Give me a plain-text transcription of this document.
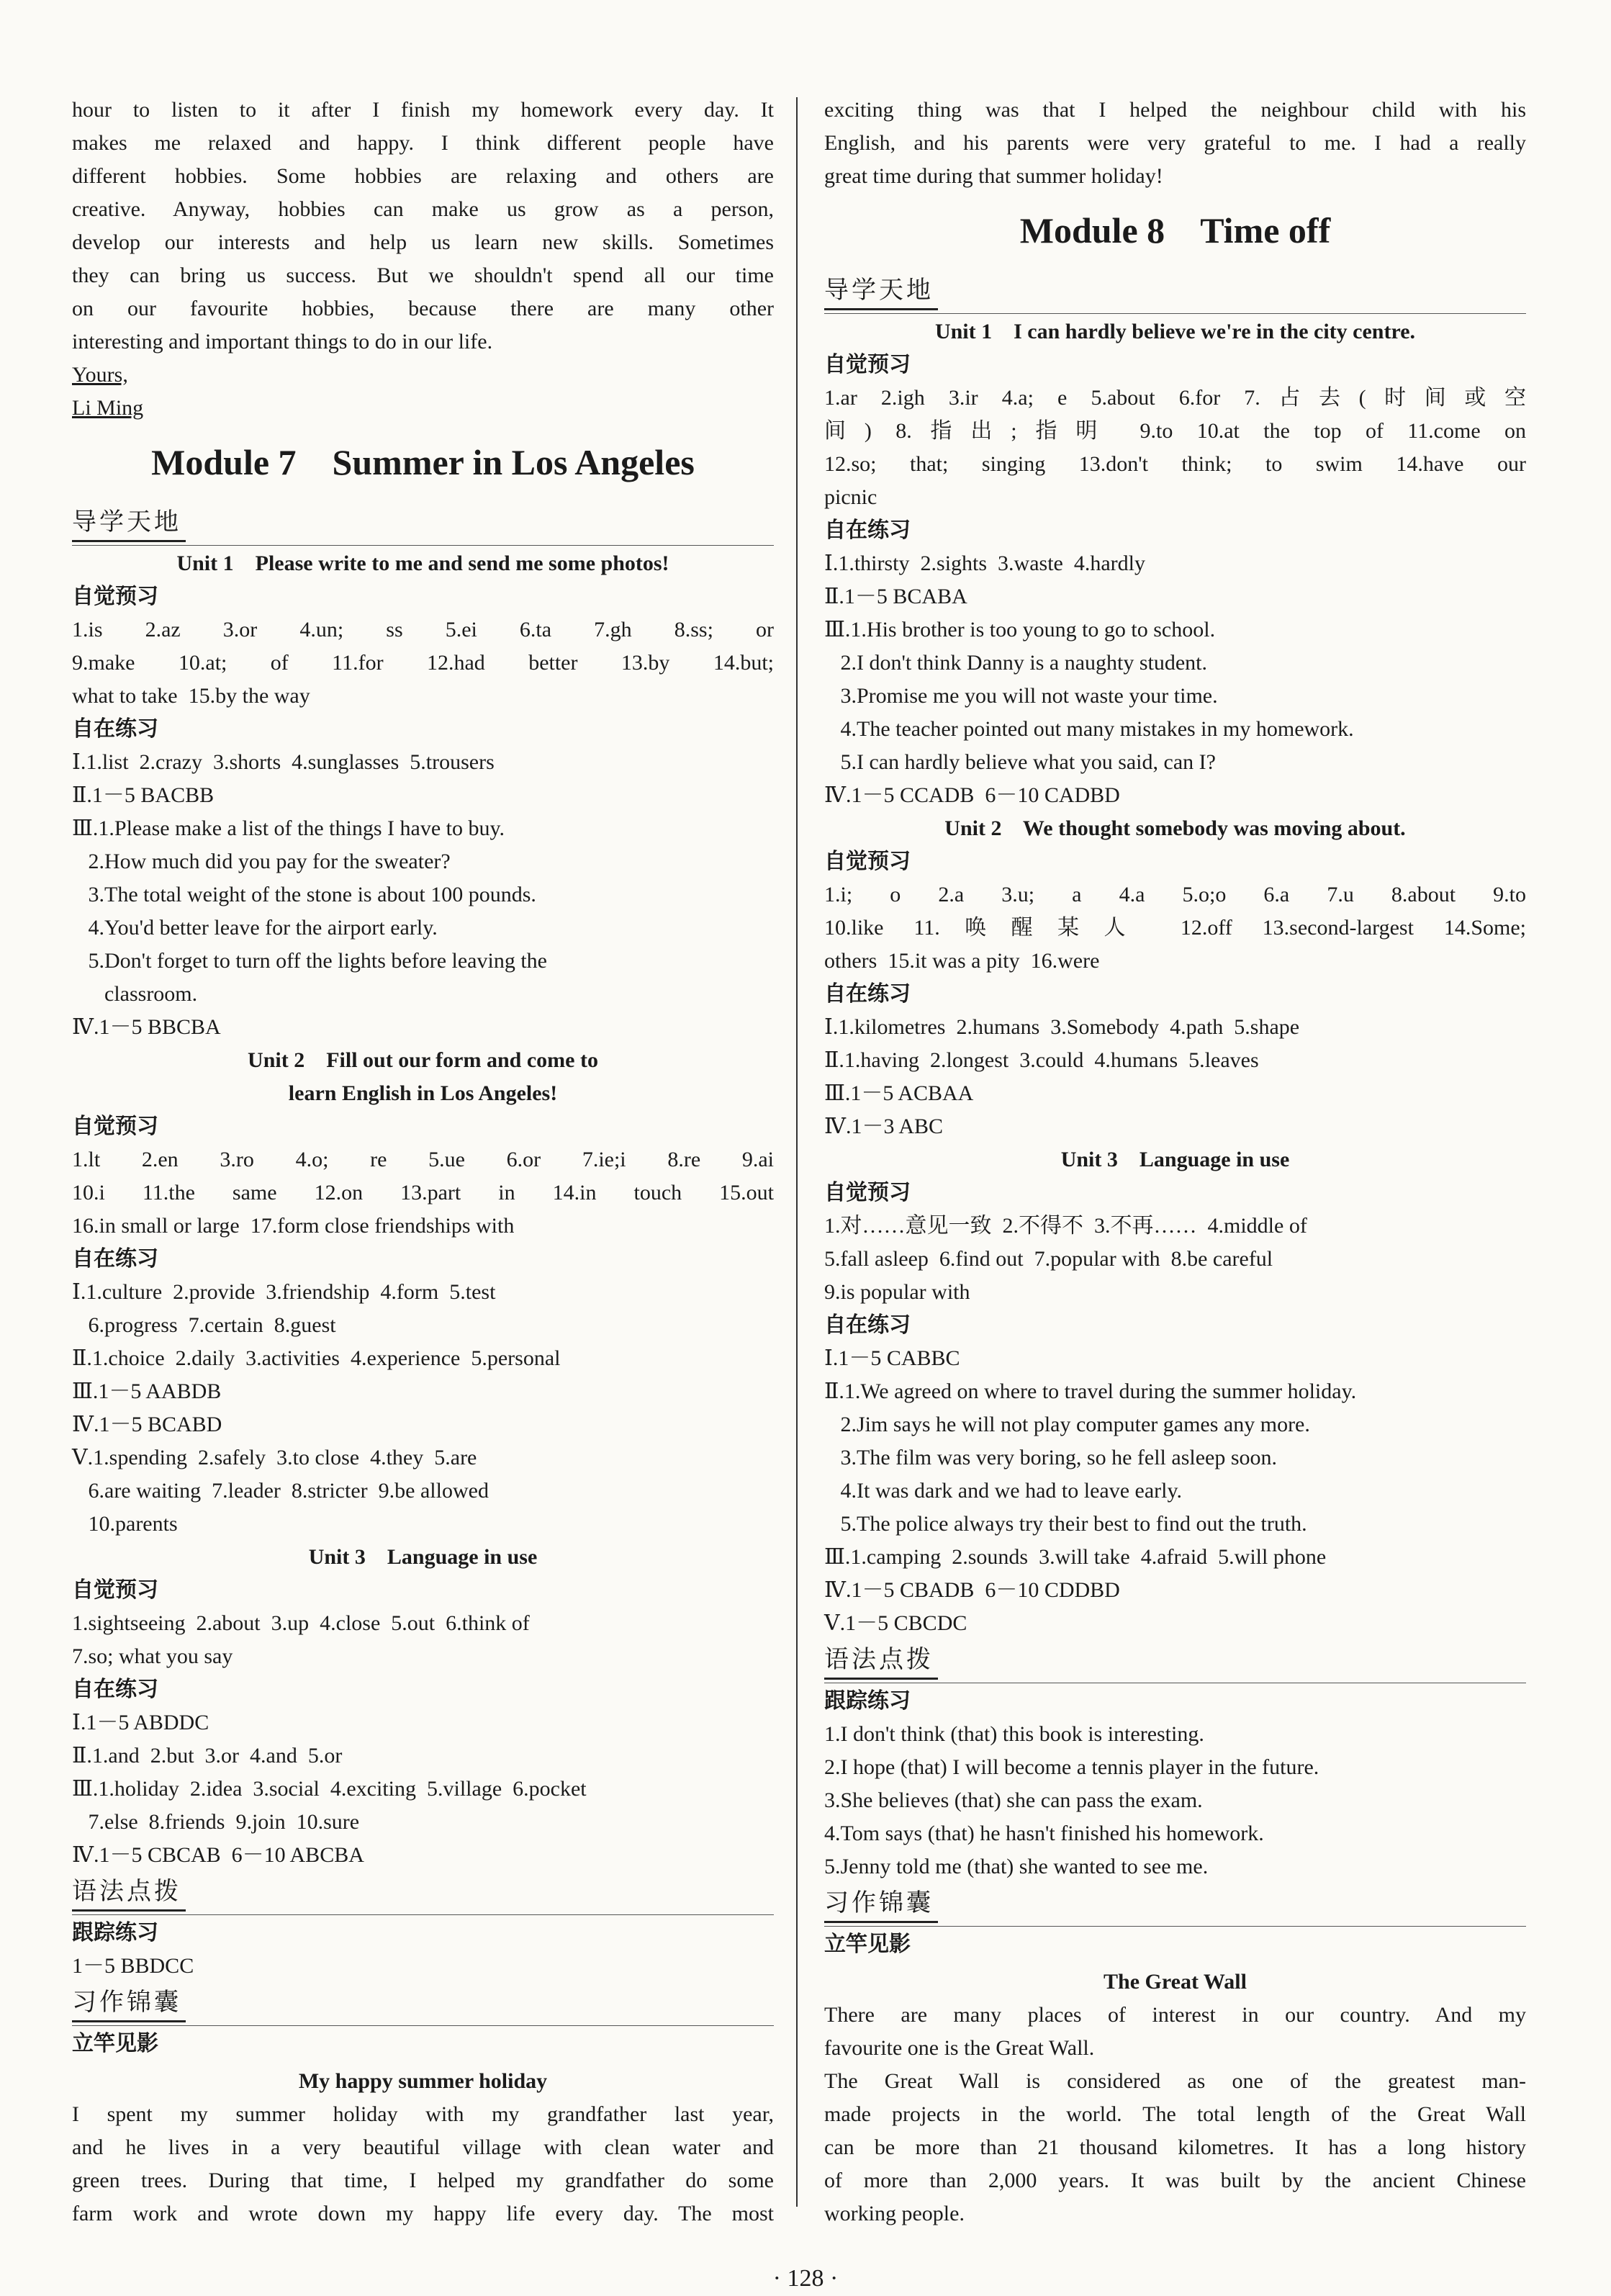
hour to listen to it after I finish my homework every day. It
makes me relaxed and happy. I think different people have
different hobbies. Some hobbies are relaxing and others are
creative. Anyway, hobbies can make us grow as a person,
develop our interests and help us learn new skills. Sometimes
they can bring us success. But we shouldn't spend all our time
on our favourite hobbies, because there are many other
interesting and important things to do in our life.
Yours,
Li Ming
Module 7    Summer in Los Angeles
导学天地
Unit 1    Please write to me and send me some photos!
自觉预习
1.is 2.az 3.or 4.un; ss 5.ei 6.ta 7.gh 8.ss; or
9.make 10.at; of 11.for 12.had better 13.by 14.but;
what to take  15.by the way
自在练习
Ⅰ.1.list  2.crazy  3.shorts  4.sunglasses  5.trousers
Ⅱ.1－5 BACBB
Ⅲ.1.Please make a list of the things I have to buy.
2.How much did you pay for the sweater?
3.The total weight of the stone is about 100 pounds.
4.You'd better leave for the airport early.
5.Don't forget to turn off the lights before leaving the
classroom.
Ⅳ.1－5 BBCBA
Unit 2    Fill out our form and come to
learn English in Los Angeles!
自觉预习
1.lt 2.en 3.ro 4.o; re 5.ue 6.or 7.ie;i 8.re 9.ai
10.i 11.the same 12.on 13.part in 14.in touch 15.out
16.in small or large  17.form close friendships with
自在练习
Ⅰ.1.culture  2.provide  3.friendship  4.form  5.test
6.progress  7.certain  8.guest
Ⅱ.1.choice  2.daily  3.activities  4.experience  5.personal
Ⅲ.1－5 AABDB
Ⅳ.1－5 BCABD
Ⅴ.1.spending  2.safely  3.to close  4.they  5.are
6.are waiting  7.leader  8.stricter  9.be allowed
10.parents
Unit 3    Language in use
自觉预习
1.sightseeing  2.about  3.up  4.close  5.out  6.think of
7.so; what you say
自在练习
Ⅰ.1－5 ABDDC
Ⅱ.1.and  2.but  3.or  4.and  5.or
Ⅲ.1.holiday  2.idea  3.social  4.exciting  5.village  6.pocket
7.else  8.friends  9.join  10.sure
Ⅳ.1－5 CBCAB  6－10 ABCBA
语法点拨
跟踪练习
1－5 BBDCC
习作锦囊
立竿见影
My happy summer holiday
I spent my summer holiday with my grandfather last year,
and he lives in a very beautiful village with clean water and
green trees. During that time, I helped my grandfather do some
farm work and wrote down my happy life every day. The most
exciting thing was that I helped the neighbour child with his
English, and his parents were very grateful to me. I had a really
great time during that summer holiday!
Module 8    Time off
导学天地
Unit 1    I can hardly believe we're in the city centre.
自觉预习
1.ar 2.igh 3.ir 4.a; e 5.about 6.for 7.占去(时间或空
间) 8.指出;指明 9.to 10.at the top of 11.come on
12.so; that; singing 13.don't think; to swim 14.have our
picnic
自在练习
Ⅰ.1.thirsty  2.sights  3.waste  4.hardly
Ⅱ.1－5 BCABA
Ⅲ.1.His brother is too young to go to school.
2.I don't think Danny is a naughty student.
3.Promise me you will not waste your time.
4.The teacher pointed out many mistakes in my homework.
5.I can hardly believe what you said, can I?
Ⅳ.1－5 CCADB  6－10 CADBD
Unit 2    We thought somebody was moving about.
自觉预习
1.i; o 2.a 3.u; a 4.a 5.o;o 6.a 7.u 8.about 9.to
10.like 11.唤醒某人 12.off 13.second-largest 14.Some;
others  15.it was a pity  16.were
自在练习
Ⅰ.1.kilometres  2.humans  3.Somebody  4.path  5.shape
Ⅱ.1.having  2.longest  3.could  4.humans  5.leaves
Ⅲ.1－5 ACBAA
Ⅳ.1－3 ABC
Unit 3    Language in use
自觉预习
1.对……意见一致  2.不得不  3.不再……  4.middle of
5.fall asleep  6.find out  7.popular with  8.be careful
9.is popular with
自在练习
Ⅰ.1－5 CABBC
Ⅱ.1.We agreed on where to travel during the summer holiday.
2.Jim says he will not play computer games any more.
3.The film was very boring, so he fell asleep soon.
4.It was dark and we had to leave early.
5.The police always try their best to find out the truth.
Ⅲ.1.camping  2.sounds  3.will take  4.afraid  5.will phone
Ⅳ.1－5 CBADB  6－10 CDDBD
Ⅴ.1－5 CBCDC
语法点拨
跟踪练习
1.I don't think (that) this book is interesting.
2.I hope (that) I will become a tennis player in the future.
3.She believes (that) she can pass the exam.
4.Tom says (that) he hasn't finished his homework.
5.Jenny told me (that) she wanted to see me.
习作锦囊
立竿见影
The Great Wall
There are many places of interest in our country. And my
favourite one is the Great Wall.
The Great Wall is considered as one of the greatest man-
made projects in the world. The total length of the Great Wall
can be more than 21 thousand kilometres. It has a long history
of more than 2,000 years. It was built by the ancient Chinese
working people.
· 128 ·
